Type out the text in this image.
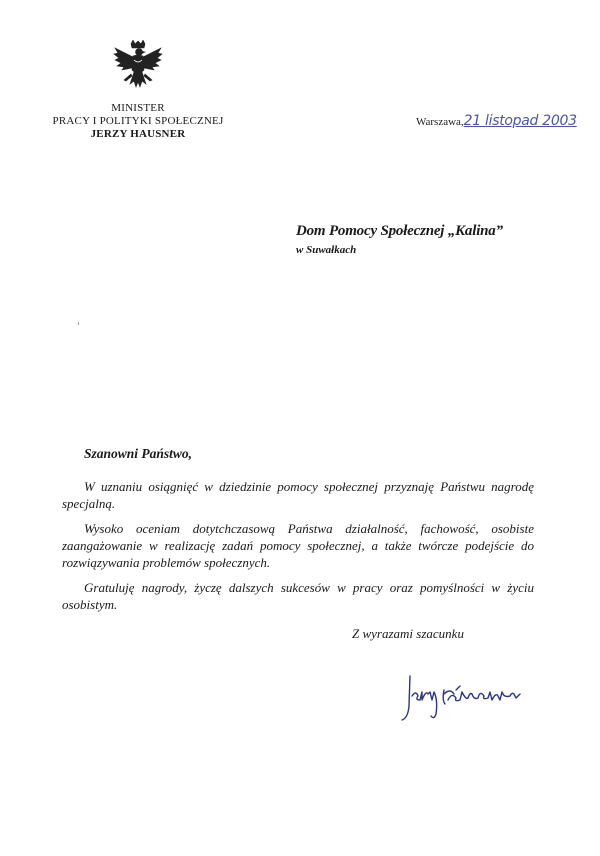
MINISTER
PRACY I POLITYKI SPOŁECZNEJ
JERZY HAUSNER
Warszawa,21 listopad 2003
Dom Pomocy Społecznej „Kalina”
w Suwałkach
Szanowni Państwo,

W uznaniu osiągnięć w dziedzinie pomocy społecznej przyznaję Państwu nagrodę specjalną.

Wysoko oceniam dotytchczasową Państwa działalność, fachowość, osobiste zaangażowanie w realizację zadań pomocy społecznej, a także twórcze podejście do rozwiązywania problemów społecznych.

Gratuluję nagrody, życzę dalszych sukcesów w pracy oraz pomyślności w życiu osobistym.

Z wyrazami szacunku
